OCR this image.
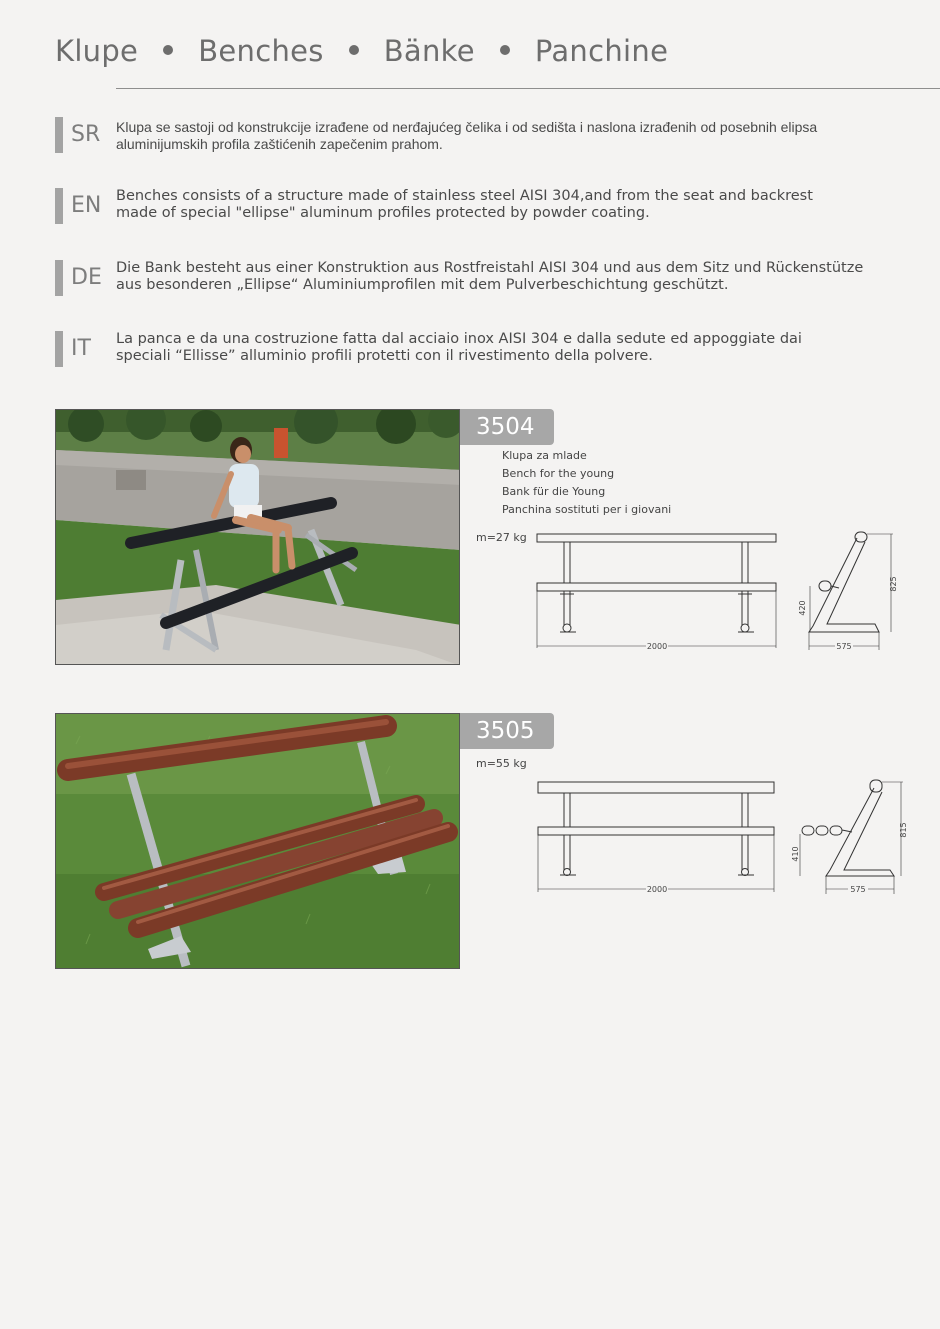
Klupe Benches Bänke Panchine
SR Klupa se sastoji od konstrukcije izrađene od nerđajućeg čelika i od sedišta i naslona izrađenih od posebnih elipsa
aluminijumskih profila zaštićenih zapečenim prahom.
EN Benches consists of a structure made of stainless steel AISI 304,and from the seat and backrest
made of special "ellipse" aluminum profiles protected by powder coating.
DE Die Bank besteht aus einer Konstruktion aus Rostfreistahl AISI 304 und aus dem Sitz und Rückenstütze
aus besonderen „Ellipse“ Aluminiumprofilen mit dem Pulverbeschichtung geschützt.
IT La panca e da una costruzione fatta dal acciaio inox AISI 304 e dalla sedute ed appoggiate dai
speciali “Ellisse” alluminio profili protetti con il rivestimento della polvere.
3504
Klupa za mlade
Bench for the young
Bank für die Young
Panchina sostituti per i giovani
m=27 kg
2000	575
420
825
3505
m=55 kg
2000	575
410
815
